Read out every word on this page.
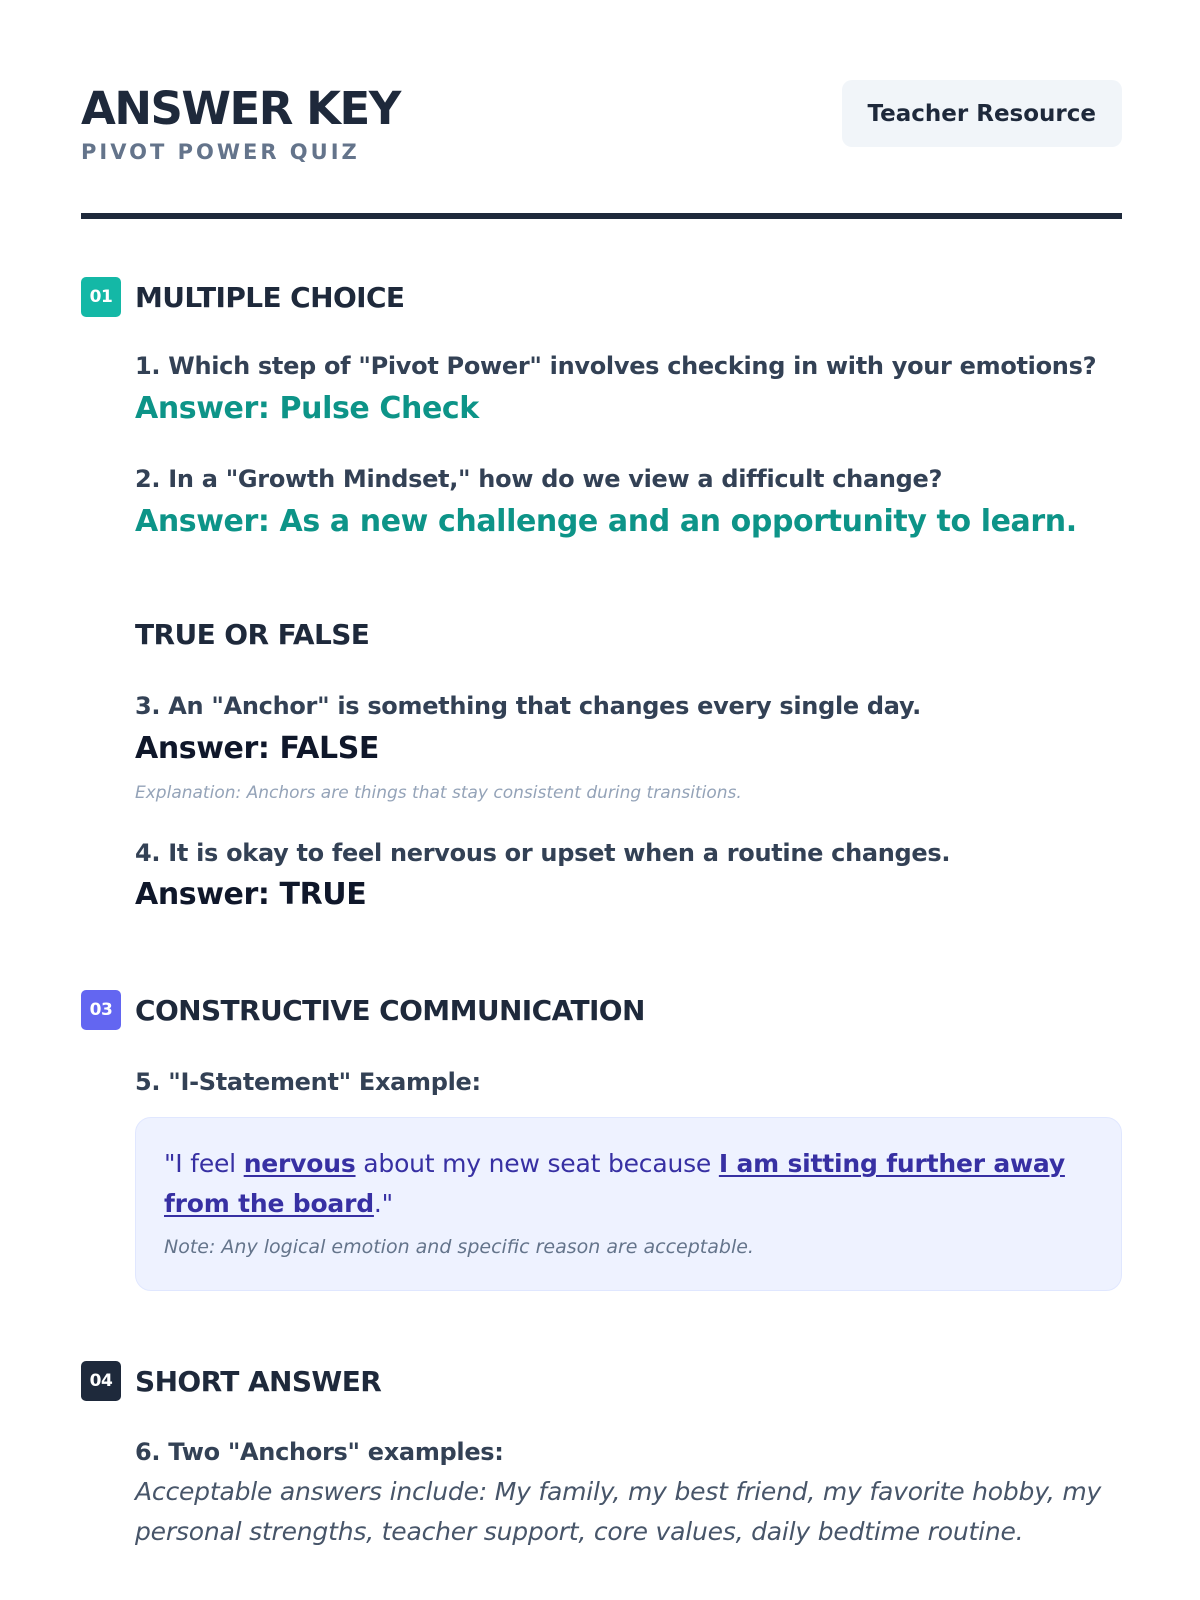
ANSWER KEY
PIVOT POWER QUIZ
Teacher Resource
01 MULTIPLE CHOICE
1. Which step of "Pivot Power" involves checking in with your emotions?
Answer: Pulse Check
2. In a "Growth Mindset," how do we view a difficult change?
Answer: As a new challenge and an opportunity to learn.
TRUE OR FALSE
3. An "Anchor" is something that changes every single day.
Answer: FALSE
Explanation: Anchors are things that stay consistent during transitions.
4. It is okay to feel nervous or upset when a routine changes.
Answer: TRUE
03 CONSTRUCTIVE COMMUNICATION
5. "I-Statement" Example:
"I feel nervous about my new seat because I am sitting further away from the board."
Note: Any logical emotion and specific reason are acceptable.
04 SHORT ANSWER
6. Two "Anchors" examples:
Acceptable answers include: My family, my best friend, my favorite hobby, my personal strengths, teacher support, core values, daily bedtime routine.
